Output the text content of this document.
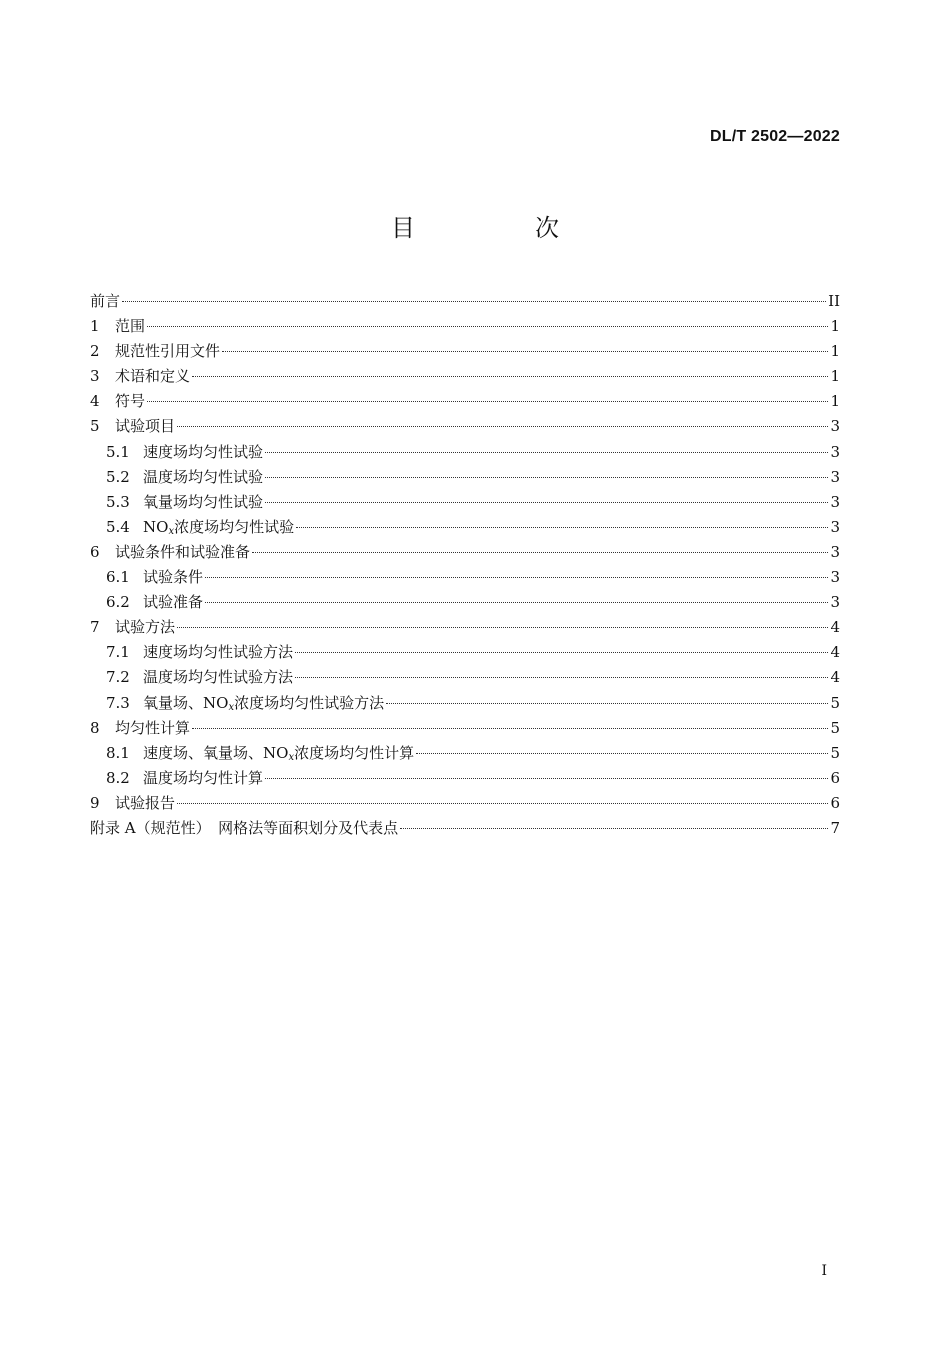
DL/T 2502—2022
目　次
前言	II
1	范围	1
2	规范性引用文件	1
3	术语和定义	1
4	符号	1
5	试验项目	3
5.1 速度场均匀性试验	3
5.2 温度场均匀性试验	3
5.3 氧量场均匀性试验	3
5.4 $NO_x$浓度场均匀性试验	3
6	试验条件和试验准备	3
6.1 试验条件	3
6.2 试验准备	3
7	试验方法	4
7.1 速度场均匀性试验方法	4
7.2 温度场均匀性试验方法	4
7.3 氧量场、$NO_x$浓度场均匀性试验方法	5
8	均匀性计算	5
8.1 速度场、氧量场、$NO_x$浓度场均匀性计算	5
8.2 温度场均匀性计算	6
9	试验报告	6
附录 A（规范性）　网格法等面积划分及代表点	7
I
